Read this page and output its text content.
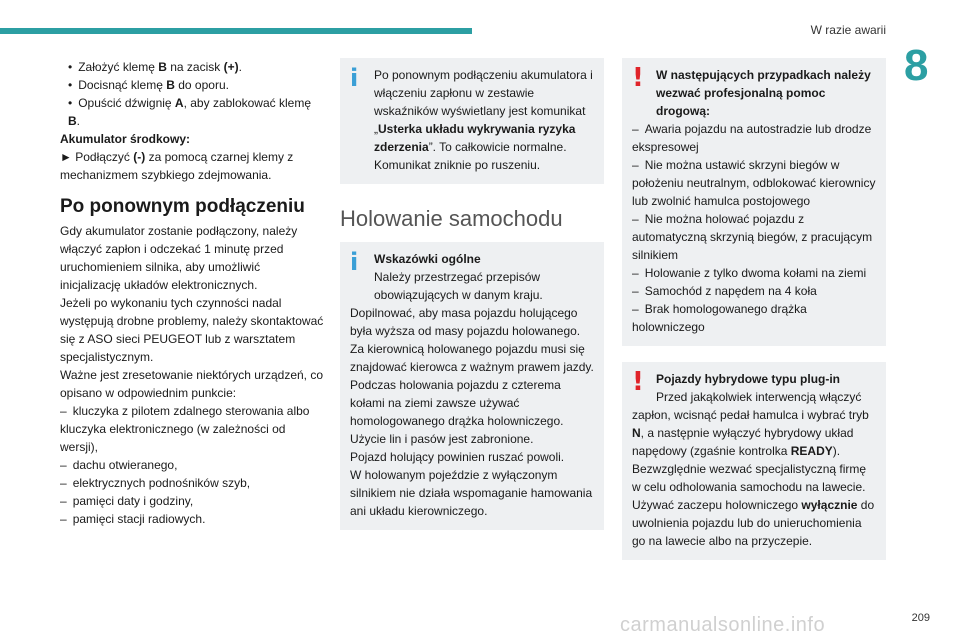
W razie awarii
8
• Założyć klemę B na zacisk (+).
• Docisnąć klemę B do oporu.
• Opuścić dźwignię A, aby zablokować klemę B.
Akumulator środkowy:
► Podłączyć (-) za pomocą czarnej klemy z mechanizmem szybkiego zdejmowania.
Po ponownym podłączeniu
Gdy akumulator zostanie podłączony, należy włączyć zapłon i odczekać 1 minutę przed uruchomieniem silnika, aby umożliwić inicjalizację układów elektronicznych.
Jeżeli po wykonaniu tych czynności nadal występują drobne problemy, należy skontaktować się z ASO sieci PEUGEOT lub z warsztatem specjalistycznym.
Ważne jest zresetowanie niektórych urządzeń, co opisano w odpowiednim punkcie:
– kluczyka z pilotem zdalnego sterowania albo kluczyka elektronicznego (w zależności od wersji),
– dachu otwieranego,
– elektrycznych podnośników szyb,
– pamięci daty i godziny,
– pamięci stacji radiowych.
i	Po ponownym podłączeniu akumulatora i włączeniu zapłonu w zestawie wskaźników wyświetlany jest komunikat „Usterka układu wykrywania ryzyka zderzenia”. To całkowicie normalne. Komunikat zniknie po ruszeniu.
Holowanie samochodu
i	Wskazówki ogólne
Należy przestrzegać przepisów obowiązujących w danym kraju.
Dopilnować, aby masa pojazdu holującego była wyższa od masy pojazdu holowanego.
Za kierownicą holowanego pojazdu musi się znajdować kierowca z ważnym prawem jazdy.
Podczas holowania pojazdu z czterema kołami na ziemi zawsze używać homologowanego drążka holowniczego. Użycie lin i pasów jest zabronione.
Pojazd holujący powinien ruszać powoli.
W holowanym pojeździe z wyłączonym silnikiem nie działa wspomaganie hamowania ani układu kierowniczego.
!	W następujących przypadkach należy wezwać profesjonalną pomoc drogową:
– Awaria pojazdu na autostradzie lub drodze ekspresowej
– Nie można ustawić skrzyni biegów w położeniu neutralnym, odblokować kierownicy lub zwolnić hamulca postojowego
– Nie można holować pojazdu z automatyczną skrzynią biegów, z pracującym silnikiem
– Holowanie z tylko dwoma kołami na ziemi
– Samochód z napędem na 4 koła
– Brak homologowanego drążka holowniczego
!	Pojazdy hybrydowe typu plug-in
Przed jakąkolwiek interwencją włączyć zapłon, wcisnąć pedał hamulca i wybrać tryb N, a następnie wyłączyć hybrydowy układ napędowy (zgaśnie kontrolka READY).
Bezwzględnie wezwać specjalistyczną firmę w celu odholowania samochodu na lawecie.
Używać zaczepu holowniczego wyłącznie do uwolnienia pojazdu lub do unieruchomienia go na lawecie albo na przyczepie.
carmanualsonline.info	209
